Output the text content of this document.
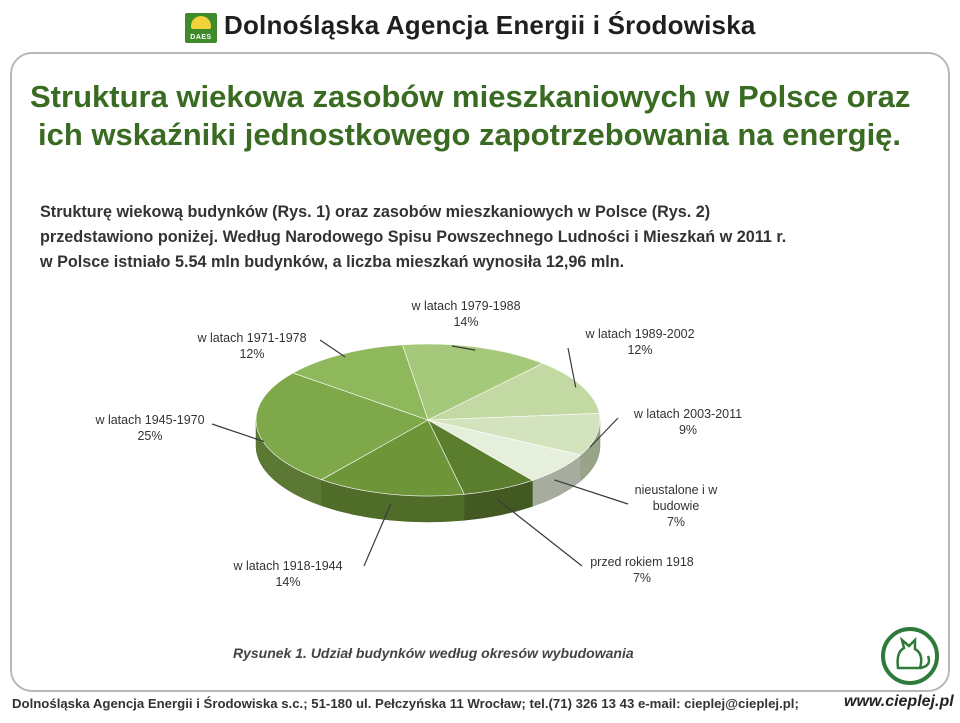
DAES Dolnośląska Agencja Energii i Środowiska
Struktura wiekowa zasobów mieszkaniowych w Polsce oraz
ich wskaźniki jednostkowego zapotrzebowania na energię.
Strukturę wiekową budynków (Rys. 1) oraz zasobów mieszkaniowych w Polsce (Rys. 2)
przedstawiono poniżej. Według Narodowego Spisu Powszechnego Ludności i Mieszkań w 2011 r.
w Polsce istniało 5.54 mln budynków, a liczba mieszkań wynosiła 12,96 mln.
w latach 1979-1988 14%
w latach 1989-2002 12%
w latach 2003-2011 9%
nieustalone i w budowie 7%
przed rokiem 1918 7%
w latach 1918-1944 14%
w latach 1945-1970 25%
w latach 1971-1978 12%
Rysunek 1. Udział budynków według okresów wybudowania
Dolnośląska Agencja Energii i Środowiska s.c.; 51-180 ul. Pełczyńska 11 Wrocław; tel.(71) 326 13 43 e-mail: cieplej@cieplej.pl;	www.cieplej.pl
